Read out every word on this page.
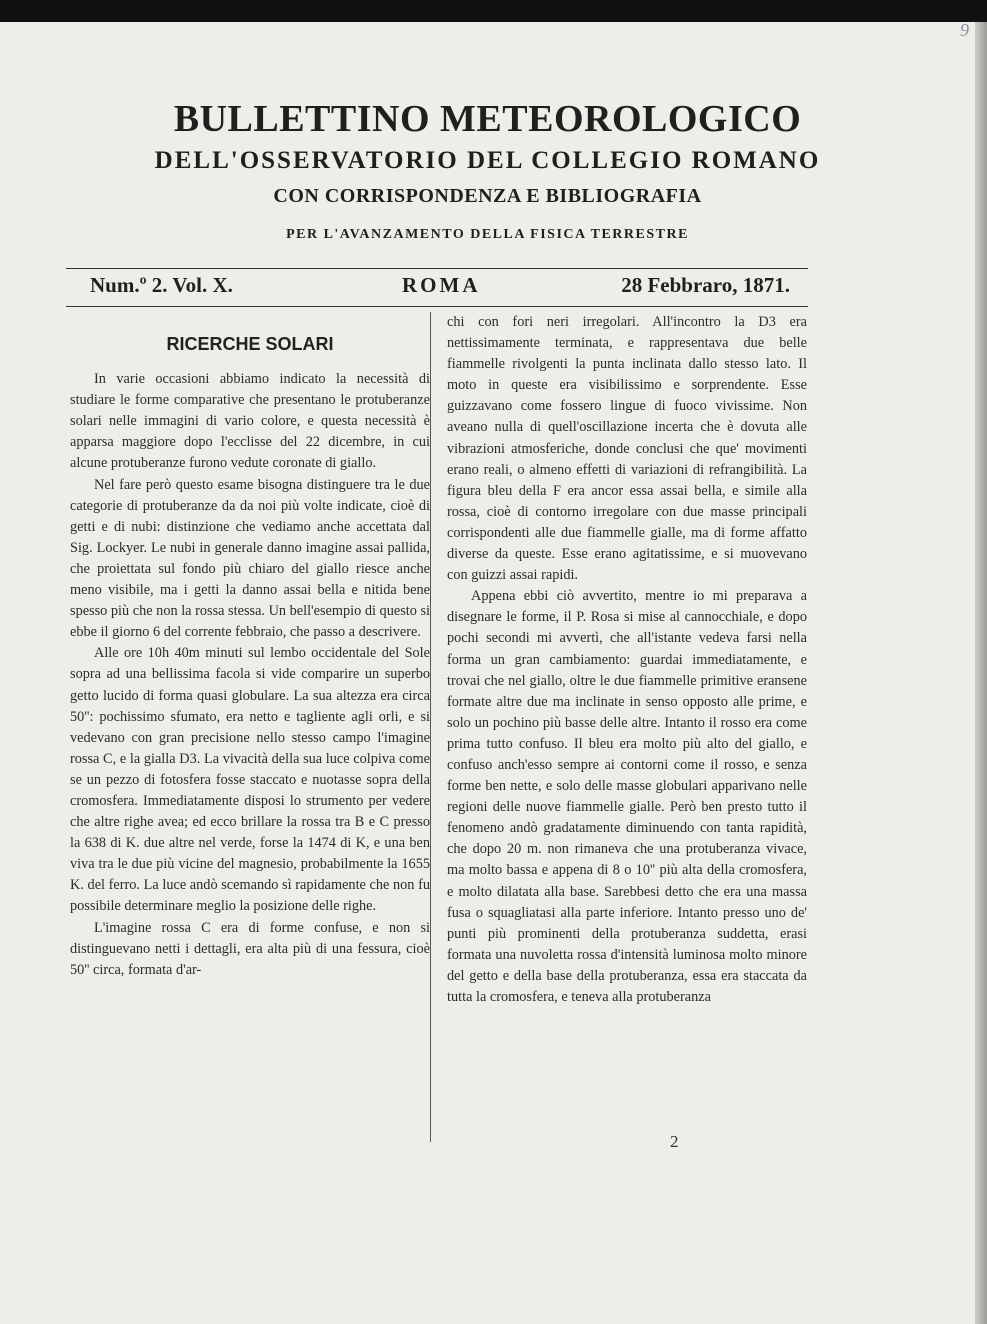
9
BULLETTINO METEOROLOGICO
DELL'OSSERVATORIO DEL COLLEGIO ROMANO
CON CORRISPONDENZA E BIBLIOGRAFIA
PER L'AVANZAMENTO DELLA FISICA TERRESTRE
Num.º 2. Vol. X.	ROMA	28 Febbraro, 1871.
RICERCHE SOLARI

In varie occasioni abbiamo indicato la necessità di studiare le forme comparative che presentano le protuberanze solari nelle immagini di vario colore, e questa necessità è apparsa maggiore dopo l'ecclisse del 22 dicembre, in cui alcune protuberanze furono vedute coronate di giallo.

Nel fare però questo esame bisogna distinguere tra le due categorie di protuberanze da da noi più volte indicate, cioè di getti e di nubi: distinzione che vediamo anche accettata dal Sig. Lockyer. Le nubi in generale danno imagine assai pallida, che proiettata sul fondo più chiaro del giallo riesce anche meno visibile, ma i getti la danno assai bella e nitida bene spesso più che non la rossa stessa. Un bell'esempio di questo si ebbe il giorno 6 del corrente febbraio, che passo a descrivere.

Alle ore 10h 40m minuti sul lembo occidentale del Sole sopra ad una bellissima facola si vide comparire un superbo getto lucido di forma quasi globulare. La sua altezza era circa 50'': pochissimo sfumato, era netto e tagliente agli orli, e si vedevano con gran precisione nello stesso campo l'imagine rossa C, e la gialla D3. La vivacità della sua luce colpiva come se un pezzo di fotosfera fosse staccato e nuotasse sopra della cromosfera. Immediatamente disposi lo strumento per vedere che altre righe avea; ed ecco brillare la rossa tra B e C presso la 638 di K. due altre nel verde, forse la 1474 di K, e una ben viva tra le due più vicine del magnesio, probabilmente la 1655 K. del ferro. La luce andò scemando sì rapidamente che non fu possibile determinare meglio la posizione delle righe.

L'imagine rossa C era di forme confuse, e non si distinguevano netti i dettagli, era alta più di una fessura, cioè 50'' circa, formata d'ar-

chi con fori neri irregolari. All'incontro la D3 era nettissimamente terminata, e rappresentava due belle fiammelle rivolgenti la punta inclinata dallo stesso lato. Il moto in queste era visibilissimo e sorprendente. Esse guizzavano come fossero lingue di fuoco vivissime. Non aveano nulla di quell'oscillazione incerta che è dovuta alle vibrazioni atmosferiche, donde conclusi che que' movimenti erano reali, o almeno effetti di variazioni di refrangibilità. La figura bleu della F era ancor essa assai bella, e simile alla rossa, cioè di contorno irregolare con due masse principali corrispondenti alle due fiammelle gialle, ma di forme affatto diverse da queste. Esse erano agitatissime, e si muovevano con guizzi assai rapidi.

Appena ebbi ciò avvertito, mentre io mi preparava a disegnare le forme, il P. Rosa si mise al cannocchiale, e dopo pochi secondi mi avvertì, che all'istante vedeva farsi nella forma un gran cambiamento: guardai immediatamente, e trovai che nel giallo, oltre le due fiammelle primitive eransene formate altre due ma inclinate in senso opposto alle prime, e solo un pochino più basse delle altre. Intanto il rosso era come prima tutto confuso. Il bleu era molto più alto del giallo, e confuso anch'esso sempre ai contorni come il rosso, e senza forme ben nette, e solo delle masse globulari apparivano nelle regioni delle nuove fiammelle gialle. Però ben presto tutto il fenomeno andò gradatamente diminuendo con tanta rapidità, che dopo 20 m. non rimaneva che una protuberanza vivace, ma molto bassa e appena di 8 o 10'' più alta della cromosfera, e molto dilatata alla base. Sarebbesi detto che era una massa fusa o squagliatasi alla parte inferiore. Intanto presso uno de' punti più prominenti della protuberanza suddetta, erasi formata una nuvoletta rossa d'intensità luminosa molto minore del getto e della base della protuberanza, essa era staccata da tutta la cromosfera, e teneva alla protuberanza

2
